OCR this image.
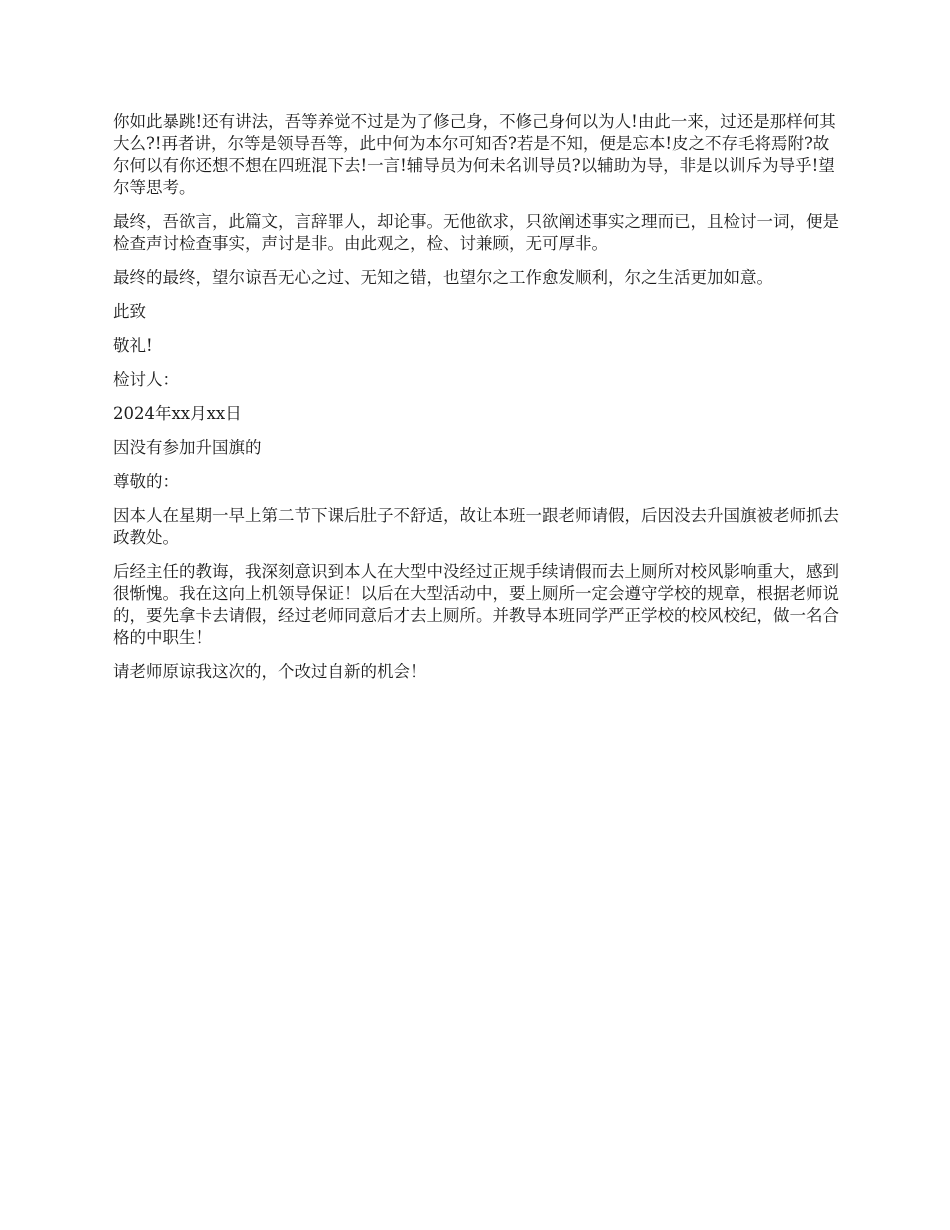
你如此暴跳!还有讲法，吾等养觉不过是为了修己身，不修己身何以为人!由此一来，过还是那样何其大么?!再者讲，尔等是领导吾等，此中何为本尔可知否?若是不知，便是忘本!皮之不存毛将焉附?故尔何以有你还想不想在四班混下去!一言!辅导员为何未名训导员?以辅助为导，非是以训斥为导乎!望尔等思考。

最终，吾欲言，此篇文，言辞罪人，却论事。无他欲求，只欲阐述事实之理而已，且检讨一词，便是检查声讨检查事实，声讨是非。由此观之，检、讨兼顾，无可厚非。

最终的最终，望尔谅吾无心之过、无知之错，也望尔之工作愈发顺利，尔之生活更加如意。

此致

敬礼!

检讨人：

2024年xx月xx日

因没有参加升国旗的

尊敬的：

因本人在星期一早上第二节下课后肚子不舒适，故让本班一跟老师请假，后因没去升国旗被老师抓去政教处。

后经主任的教诲，我深刻意识到本人在大型中没经过正规手续请假而去上厕所对校风影响重大，感到很惭愧。我在这向上机领导保证！以后在大型活动中，要上厕所一定会遵守学校的规章，根据老师说的，要先拿卡去请假，经过老师同意后才去上厕所。并教导本班同学严正学校的校风校纪，做一名合格的中职生！

请老师原谅我这次的，个改过自新的机会！
